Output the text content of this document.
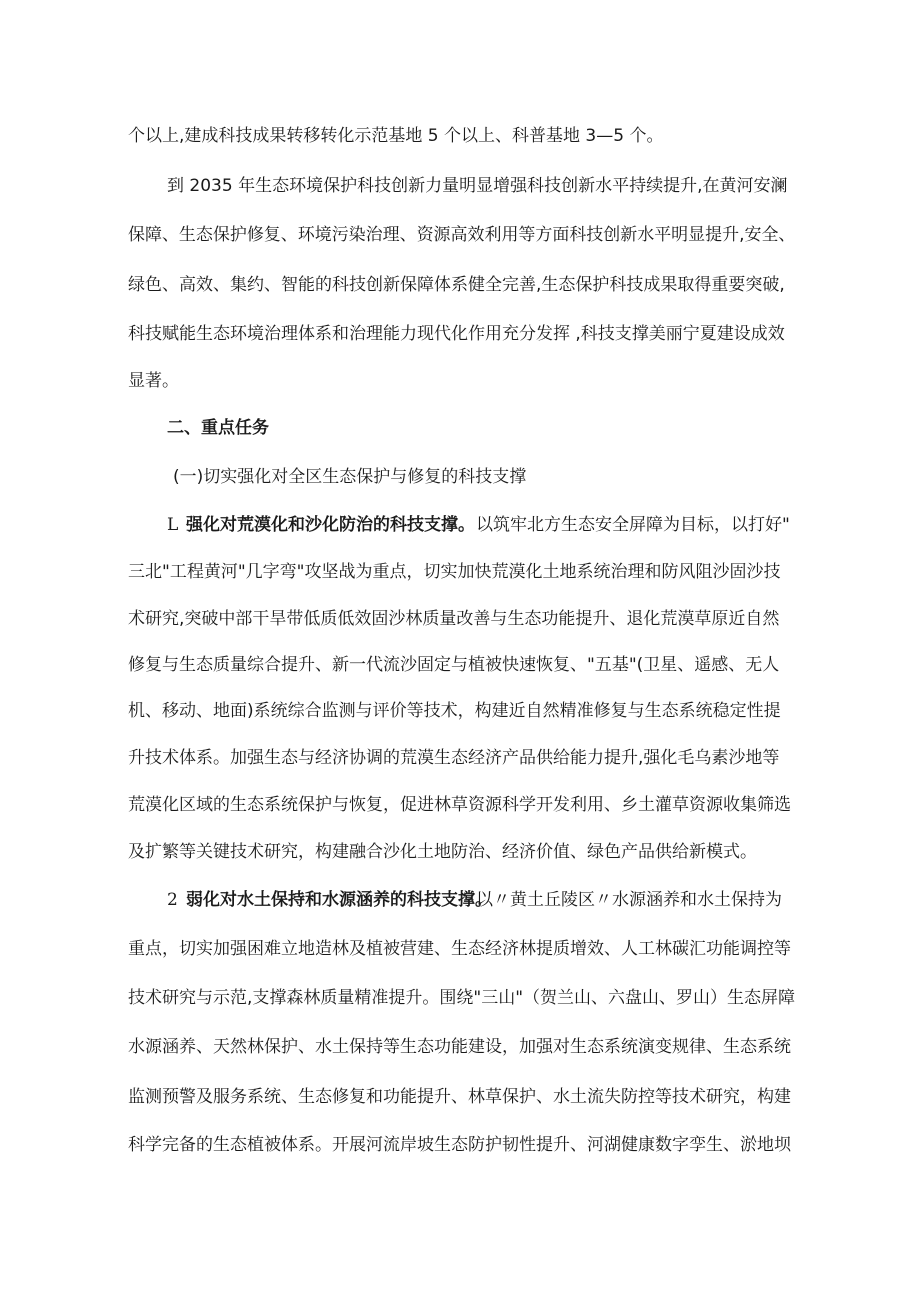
个以上,建成科技成果转移转化示范基地 5 个以上、科普基地 3—5 个。
到 2035 年生态环境保护科技创新力量明显增强科技创新水平持续提升,在黄河安澜
保障、生态保护修复、环境污染治理、资源高效利用等方面科技创新水平明显提升,安全、
绿色、高效、集约、智能的科技创新保障体系健全完善,生态保护科技成果取得重要突破,
科技赋能生态环境治理体系和治理能力现代化作用充分发挥 ,科技支撑美丽宁夏建设成效
显著。
二、重点任务
(一)切实强化对全区生态保护与修复的科技支撑
L 强化对荒漠化和沙化防治的科技支撑。 以筑牢北方生态安全屏障为目标，以打好"
三北"工程黄河"几字弯"攻坚战为重点，切实加快荒漠化土地系统治理和防风阻沙固沙技
术研究,突破中部干旱带低质低效固沙林质量改善与生态功能提升、退化荒漠草原近自然
修复与生态质量综合提升、新一代流沙固定与植被快速恢复、"五基"(卫星、遥感、无人
机、移动、地面)系统综合监测与评价等技术，构建近自然精准修复与生态系统稳定性提
升技术体系。加强生态与经济协调的荒漠生态经济产品供给能力提升,强化毛乌素沙地等
荒漠化区域的生态系统保护与恢复，促进林草资源科学开发利用、乡土灌草资源收集筛选
及扩繁等关键技术研究，构建融合沙化土地防治、经济价值、绿色产品供给新模式。
2 弱化对水土保持和水源涵养的科技支撑。
以〃黄土丘陵区〃水源涵养和水土保持为
重点，切实加强困难立地造林及植被营建、生态经济林提质增效、人工林碳汇功能调控等
技术研究与示范,支撑森林质量精准提升。围绕"三山"（贺兰山、六盘山、罗山）生态屏障
水源涵养、天然林保护、水土保持等生态功能建设，加强对生态系统演变规律、生态系统
监测预警及服务系统、生态修复和功能提升、林草保护、水土流失防控等技术研究，构建
科学完备的生态植被体系。开展河流岸坡生态防护韧性提升、河湖健康数字孪生、淤地坝
